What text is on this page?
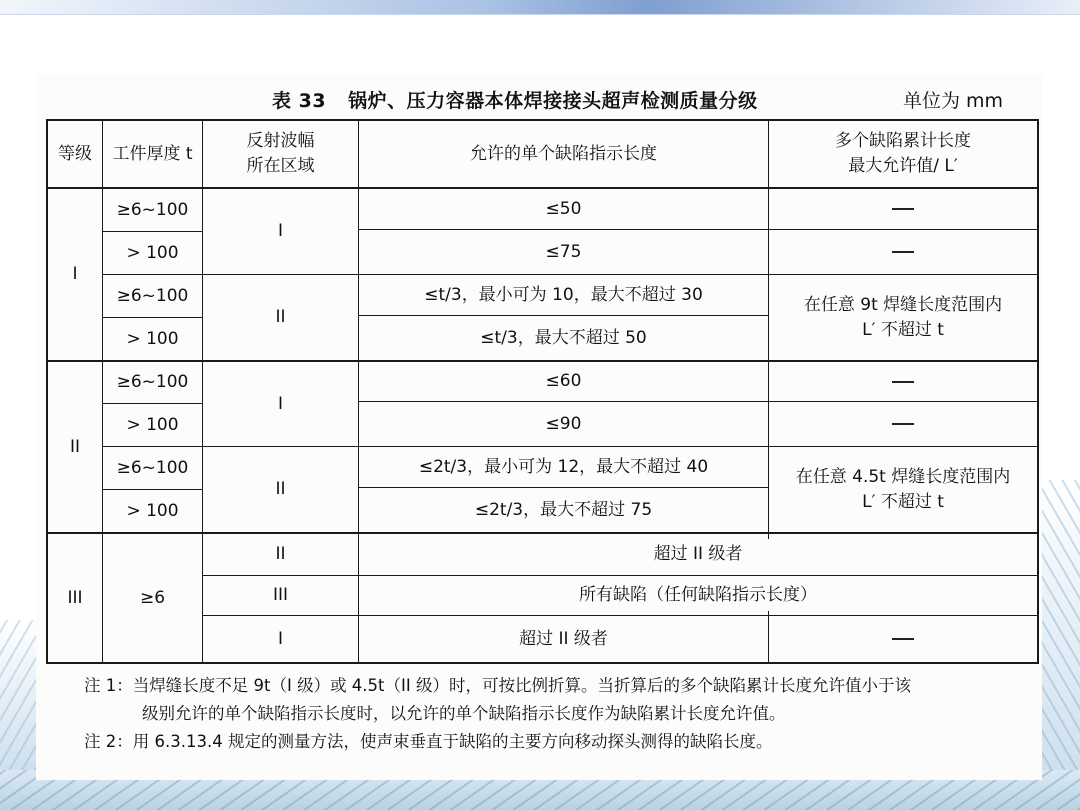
表 33 锅炉、压力容器本体焊接接头超声检测质量分级	单位为 mm
等级	工件厚度 t
反射波幅
所在区域
允许的单个缺陷指示长度
多个缺陷累计长度
最大允许值/ L′
I
II
III
≥6~100
> 100
≥6~100
> 100
≥6~100
> 100
≥6~100
> 100
≥6
I
II
I
II
II
III
I
≤50
≤75
≤t/3，最小可为 10，最大不超过 30
≤t/3，最大不超过 50
≤60
≤90
≤2t/3，最小可为 12，最大不超过 40
≤2t/3，最大不超过 75
超过 II 级者
所有缺陷（任何缺陷指示长度）
超过 II 级者
在任意 9t 焊缝长度范围内
L′ 不超过 t
在任意 4.5t 焊缝长度范围内
L′ 不超过 t
注 1：当焊缝长度不足 9t（I 级）或 4.5t（II 级）时，可按比例折算。当折算后的多个缺陷累计长度允许值小于该
级别允许的单个缺陷指示长度时，以允许的单个缺陷指示长度作为缺陷累计长度允许值。
注 2：用 6.3.13.4 规定的测量方法，使声束垂直于缺陷的主要方向移动探头测得的缺陷长度。
